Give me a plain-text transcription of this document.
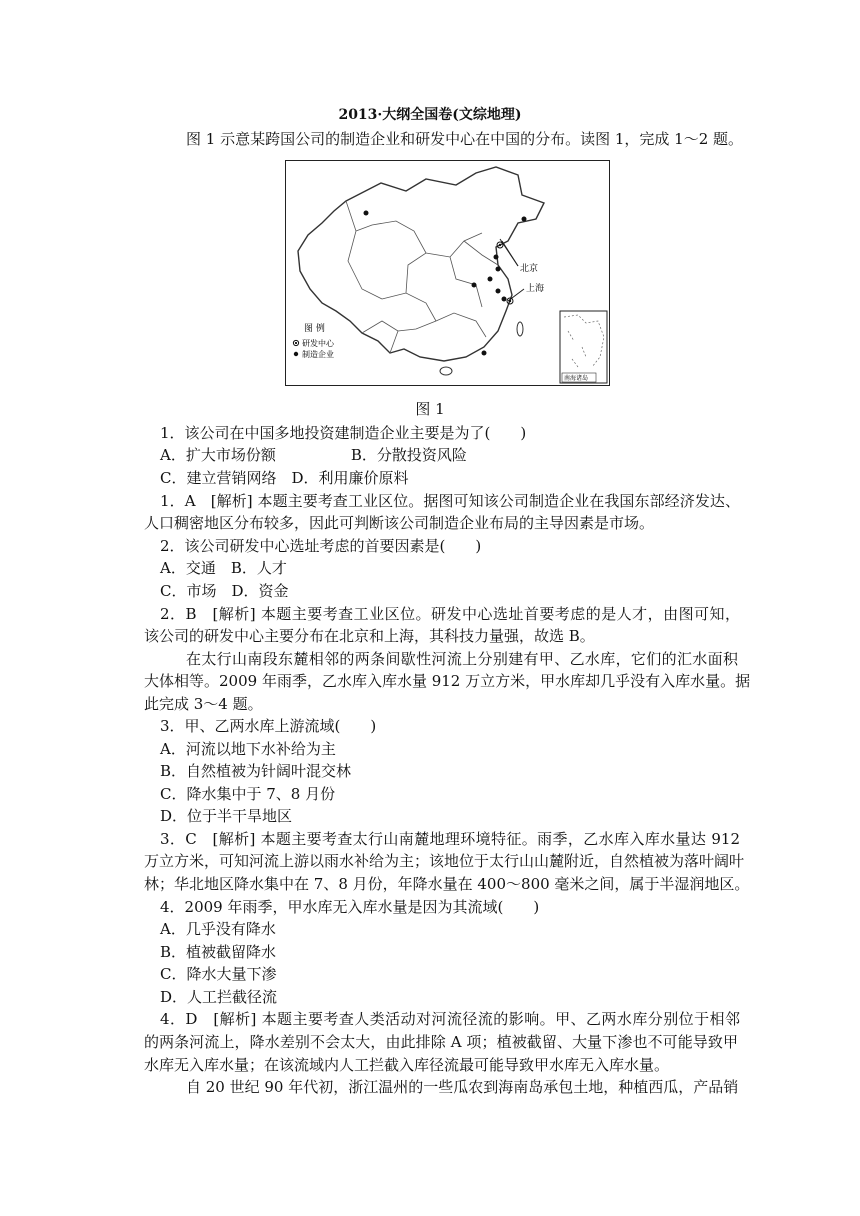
2013·大纲全国卷(文综地理)
图 1 示意某跨国公司的制造企业和研发中心在中国的分布。读图 1，完成 1～2 题。
北京
上海
图 例
研发中心
制造企业
南海诸岛
图 1
1．该公司在中国多地投资建制造企业主要是为了(　　)
A．扩大市场份额　　　　　B．分散投资风险
C．建立营销网络　D．利用廉价原料
1．A　[解析] 本题主要考查工业区位。据图可知该公司制造企业在我国东部经济发达、
人口稠密地区分布较多，因此可判断该公司制造企业布局的主导因素是市场。
2．该公司研发中心选址考虑的首要因素是(　　)
A．交通　B．人才
C．市场　D．资金
2．B　[解析] 本题主要考查工业区位。研发中心选址首要考虑的是人才，由图可知，
该公司的研发中心主要分布在北京和上海，其科技力量强，故选 B。
在太行山南段东麓相邻的两条间歇性河流上分别建有甲、乙水库，它们的汇水面积
大体相等。2009 年雨季，乙水库入库水量 912 万立方米，甲水库却几乎没有入库水量。据
此完成 3～4 题。
3．甲、乙两水库上游流域(　　)
A．河流以地下水补给为主
B．自然植被为针阔叶混交林
C．降水集中于 7、8 月份
D．位于半干旱地区
3．C　[解析] 本题主要考查太行山南麓地理环境特征。雨季，乙水库入库水量达 912
万立方米，可知河流上游以雨水补给为主；该地位于太行山山麓附近，自然植被为落叶阔叶
林；华北地区降水集中在 7、8 月份，年降水量在 400～800 毫米之间，属于半湿润地区。
4．2009 年雨季，甲水库无入库水量是因为其流域(　　)
A．几乎没有降水
B．植被截留降水
C．降水大量下渗
D．人工拦截径流
4．D　[解析] 本题主要考查人类活动对河流径流的影响。甲、乙两水库分别位于相邻
的两条河流上，降水差别不会太大，由此排除 A 项；植被截留、大量下渗也不可能导致甲
水库无入库水量；在该流域内人工拦截入库径流最可能导致甲水库无入库水量。
自 20 世纪 90 年代初，浙江温州的一些瓜农到海南岛承包土地，种植西瓜，产品销
